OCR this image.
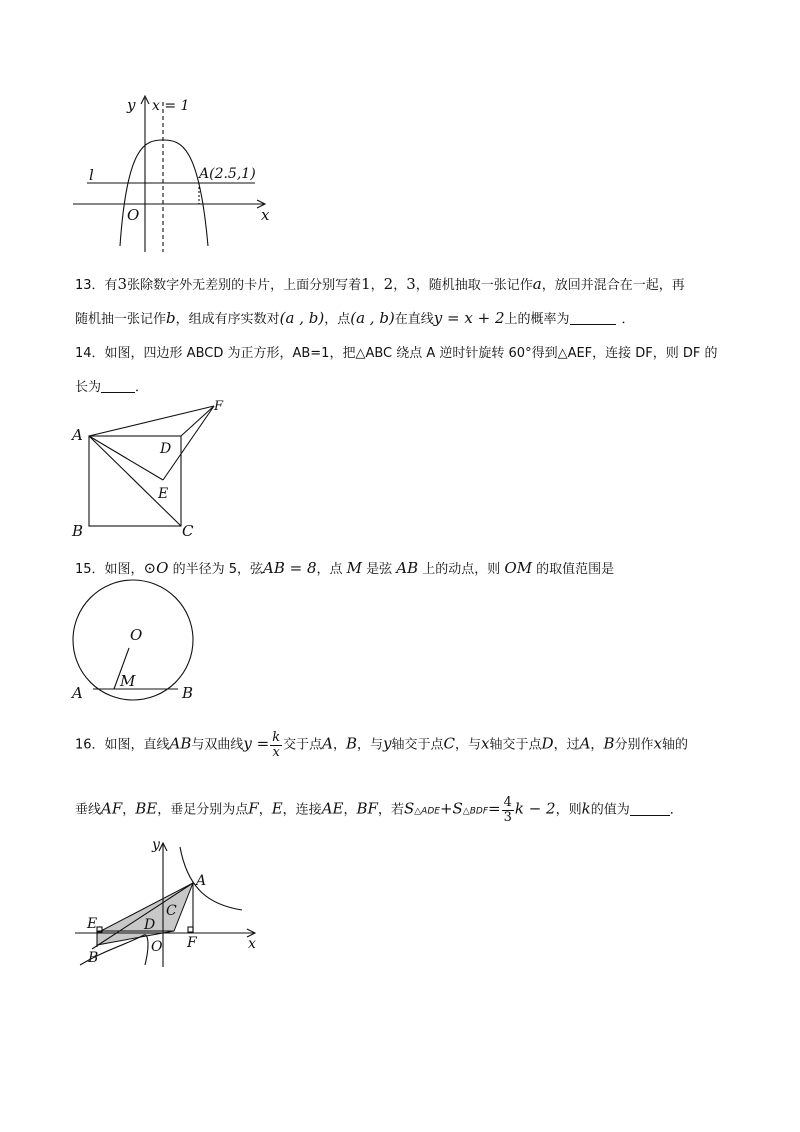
y x = 1
l	A(2.5,1)
O	x
13．有3张除数字外无差别的卡片，上面分别写着1，2，3，随机抽取一张记作a，放回并混合在一起，再
随机抽一张记作b，组成有序实数对(a , b)，点(a , b)在直线y = x + 2上的概率为	．
14．如图，四边形 ABCD 为正方形，AB=1，把△ABC 绕点 A 逆时针旋转 60°得到△AEF，连接 DF，则 DF 的
长为	．
A
F
D
E
B	C
15．如图，⊙O 的半径为 5，弦AB = 8，点 M 是弦 AB 上的动点，则 OM 的取值范围是
O
M
A	B
16．如图，直线AB与双曲线$y = \frac{k}{x}$ 交于点A，B，与y轴交于点C，与x轴交于点D，过A，B分别作x轴的
垂线AF，BE，垂足分别为点F，E，连接AE，BF，若S△ADE+S△BDF= $\frac{4}{3}$ k − 2，则k的值为	．
y
A
C
E	D
F	x
B
O
